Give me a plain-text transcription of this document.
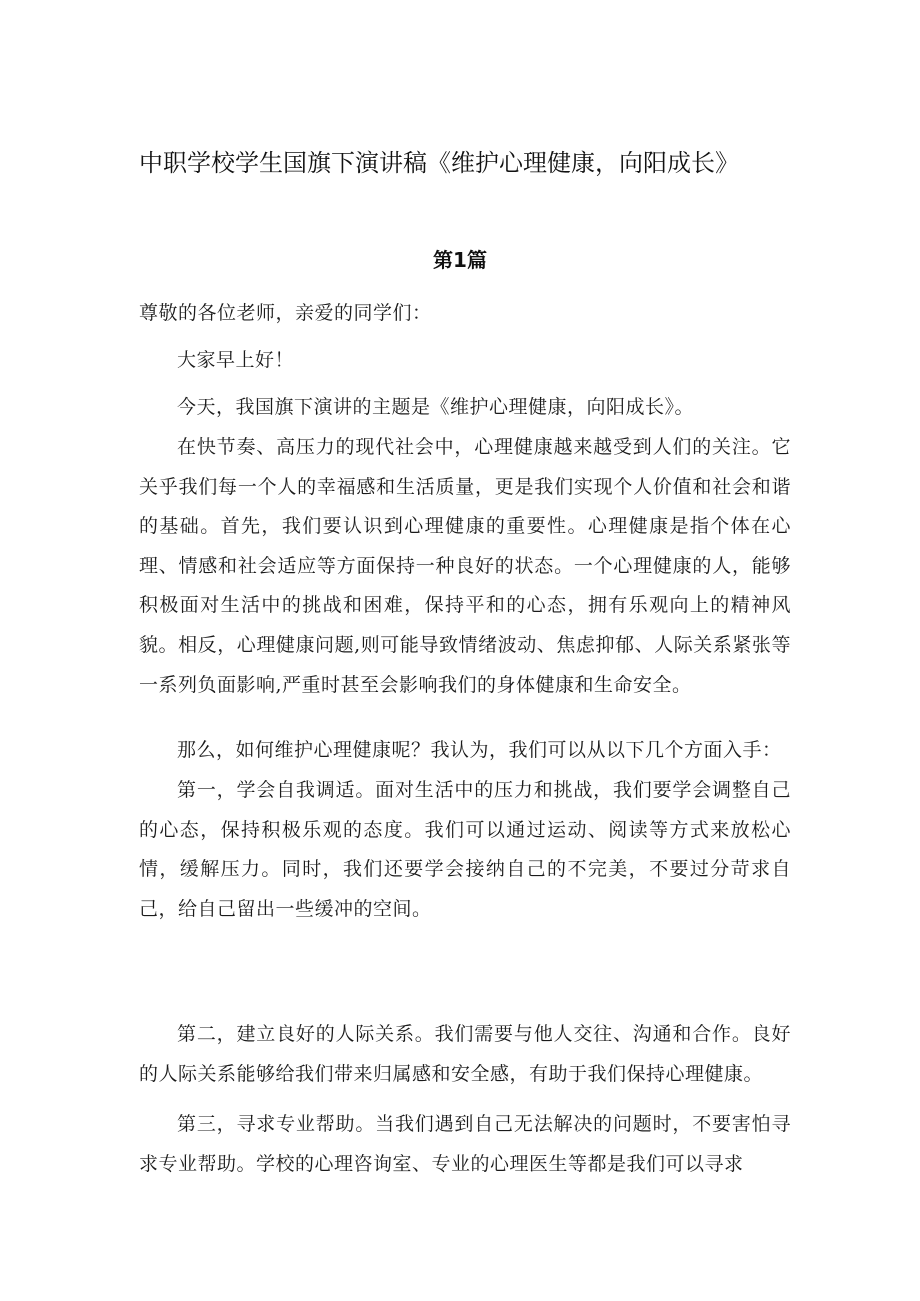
中职学校学生国旗下演讲稿《维护心理健康，向阳成长》
第1篇

尊敬的各位老师，亲爱的同学们：

大家早上好！

今天，我国旗下演讲的主题是《维护心理健康，向阳成长》。

在快节奏、高压力的现代社会中，心理健康越来越受到人们的关注。它关乎我们每一个人的幸福感和生活质量，更是我们实现个人价值和社会和谐的基础。首先，我们要认识到心理健康的重要性。心理健康是指个体在心理、情感和社会适应等方面保持一种良好的状态。一个心理健康的人，能够积极面对生活中的挑战和困难，保持平和的心态，拥有乐观向上的精神风貌。相反，心理健康问题,则可能导致情绪波动、焦虑抑郁、人际关系紧张等一系列负面影响,严重时甚至会影响我们的身体健康和生命安全。

那么，如何维护心理健康呢？我认为，我们可以从以下几个方面入手：

第一，学会自我调适。面对生活中的压力和挑战，我们要学会调整自己的心态，保持积极乐观的态度。我们可以通过运动、阅读等方式来放松心情，缓解压力。同时，我们还要学会接纳自己的不完美，不要过分苛求自己，给自己留出一些缓冲的空间。

第二，建立良好的人际关系。我们需要与他人交往、沟通和合作。良好的人际关系能够给我们带来归属感和安全感，有助于我们保持心理健康。

第三，寻求专业帮助。当我们遇到自己无法解决的问题时，不要害怕寻求专业帮助。学校的心理咨询室、专业的心理医生等都是我们可以寻求
